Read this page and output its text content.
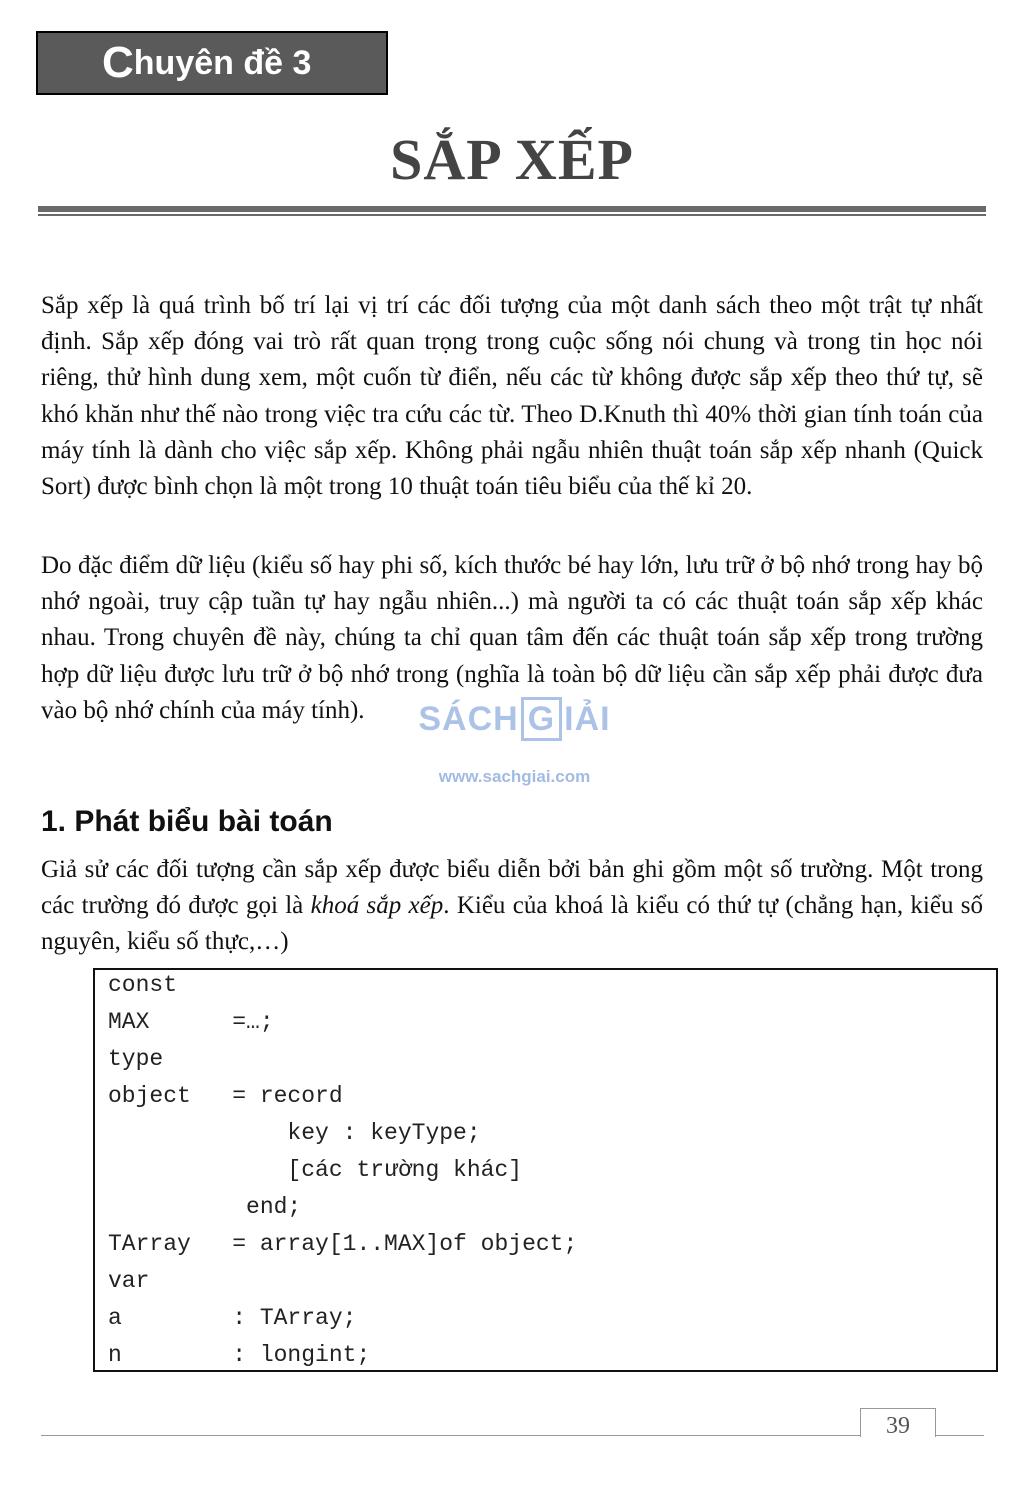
C huyên đề
3
SẮP XẾP

Sắp xếp là quá trình bố trí lại vị trí các đối tượng của một danh sách theo một trật tự nhất định. Sắp xếp đóng vai trò rất quan trọng trong cuộc sống nói chung và trong tin học nói riêng, thử hình dung xem, một cuốn từ điển, nếu các từ không được sắp xếp theo thứ tự, sẽ khó khăn như thế nào trong việc tra cứu các từ. Theo D.Knuth thì 40% thời gian tính toán của máy tính là dành cho việc sắp xếp. Không phải ngẫu nhiên thuật toán sắp xếp nhanh (Quick Sort) được bình chọn là một trong 10 thuật toán tiêu biểu của thế kỉ 20.

Do đặc điểm dữ liệu (kiểu số hay phi số, kích thước bé hay lớn, lưu trữ ở bộ nhớ trong hay bộ nhớ ngoài, truy cập tuần tự hay ngẫu nhiên...) mà người ta có các thuật toán sắp xếp khác nhau. Trong chuyên đề này, chúng ta chỉ quan tâm đến các thuật toán sắp xếp trong trường hợp dữ liệu được lưu trữ ở bộ nhớ trong (nghĩa là toàn bộ dữ liệu cần sắp xếp phải được đưa vào bộ nhớ chính của máy tính).	SÁCH G IẢI
www.sachgiai.com
1. Phát biểu bài toán

Giả sử các đối tượng cần sắp xếp được biểu diễn bởi bản ghi gồm một số trường. Một trong các trường đó được gọi là khoá sắp xếp. Kiểu của khoá là kiểu có thứ tự (chẳng hạn, kiểu số nguyên, kiểu số thực,…)

const
MAX      =…;
type
object   = record
key : keyType;
[các trường khác]
end;
TArray   = array[1..MAX]of object;
var
a        : TArray;
n        : longint;
39
